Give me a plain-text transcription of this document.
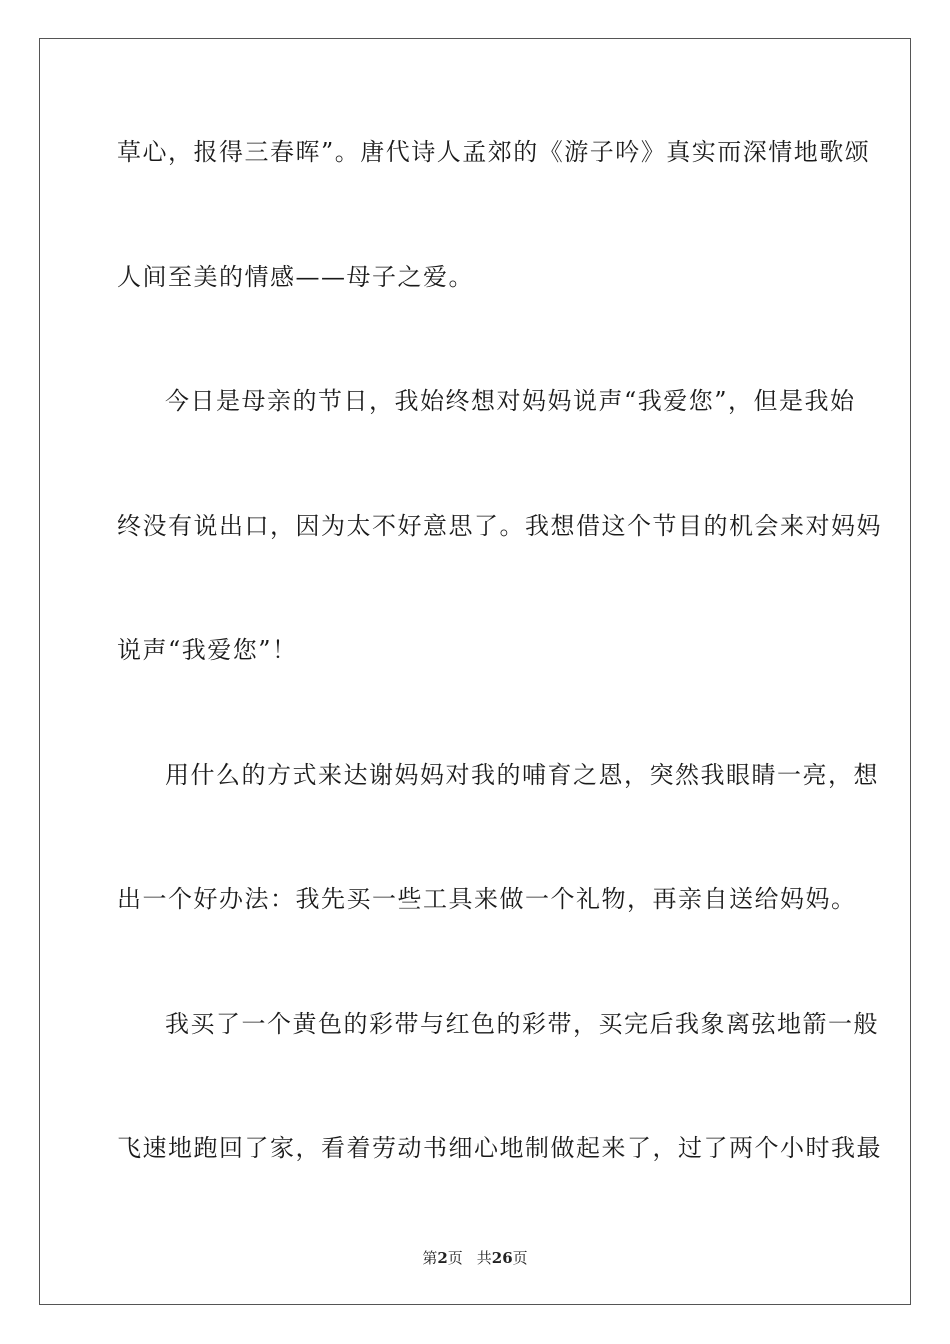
草心，报得三春晖”。唐代诗人孟郊的《游子吟》真实而深情地歌颂
人间至美的情感——母子之爱。
今日是母亲的节日，我始终想对妈妈说声“我爱您”，但是我始
终没有说出口，因为太不好意思了。我想借这个节目的机会来对妈妈
说声“我爱您”！
用什么的方式来达谢妈妈对我的哺育之恩，突然我眼睛一亮，想
出一个好办法：我先买一些工具来做一个礼物，再亲自送给妈妈。
我买了一个黄色的彩带与红色的彩带，买完后我象离弦地箭一般
飞速地跑回了家，看着劳动书细心地制做起来了，过了两个小时我最
第2页 共26页
